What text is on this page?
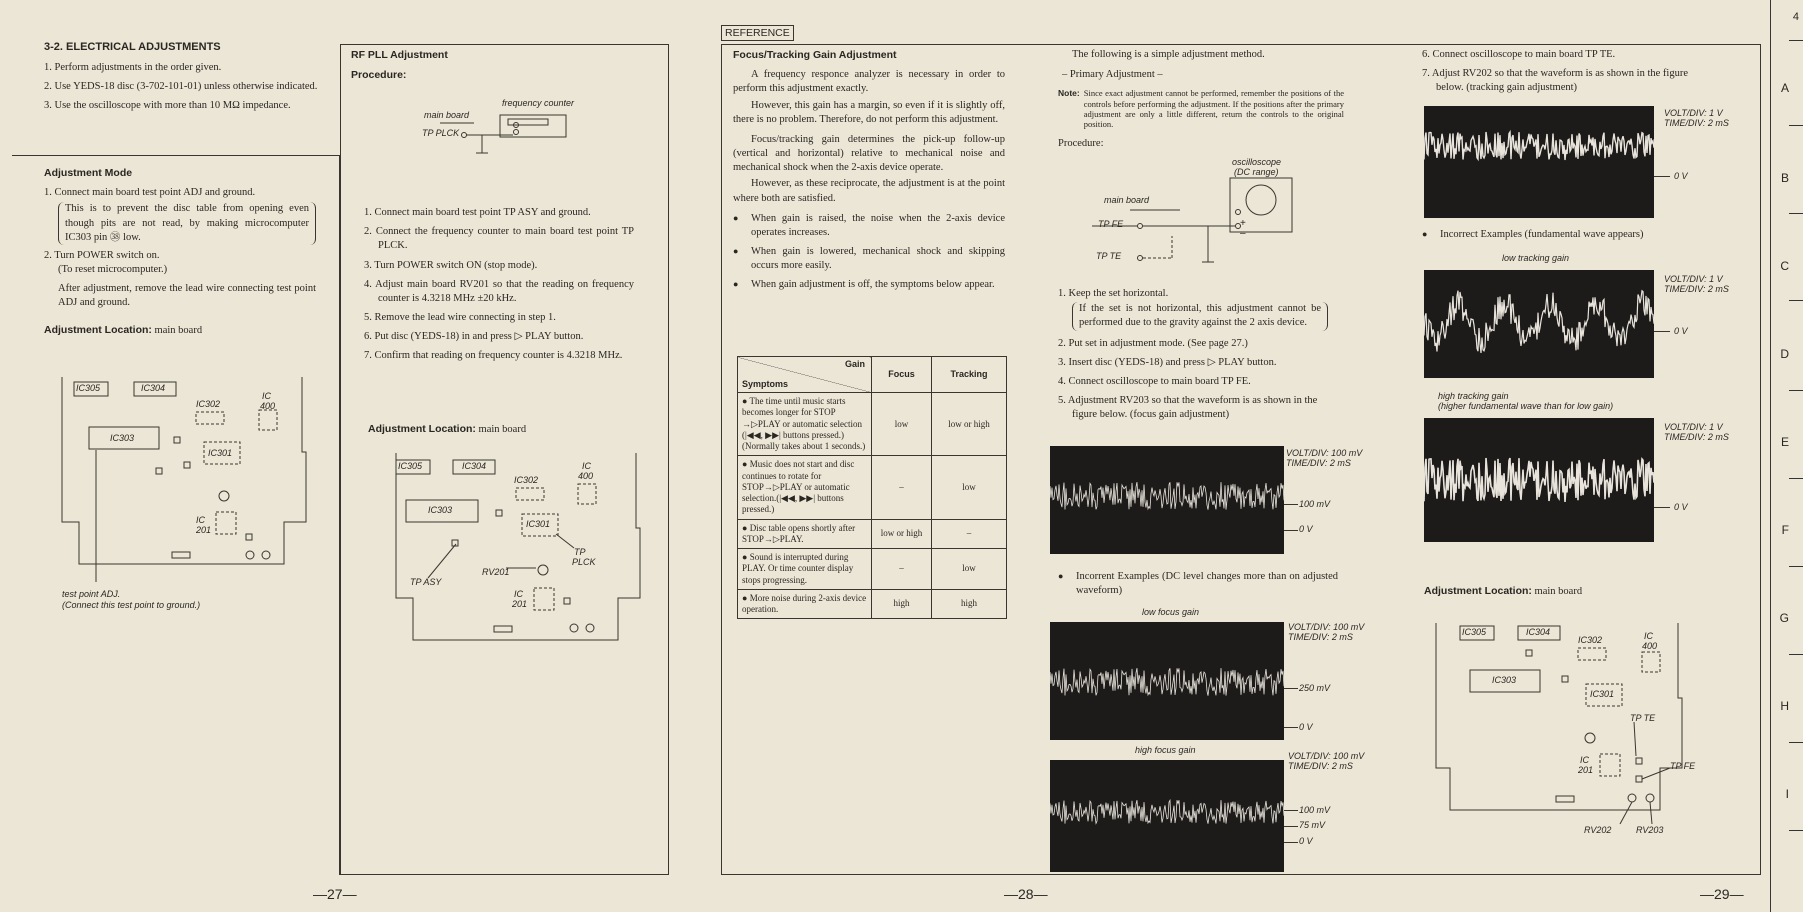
3-2. ELECTRICAL ADJUSTMENTS
1. Perform adjustments in the order given.
2. Use YEDS-18 disc (3-702-101-01) unless otherwise indicated.
3. Use the oscilloscope with more than 10 MΩ impedance.
Adjustment Mode
1. Connect main board test point ADJ and ground.
This is to prevent the disc table from opening even though pits are not read, by making microcomputer IC303 pin ㊳ low.
2. Turn POWER switch on.
(To reset microcomputer.)
After adjustment, remove the lead wire connecting test point ADJ and ground.
Adjustment Location: main board
IC305	IC304
IC302
IC
400
IC303
IC301
IC
201
test point ADJ.
(Connect this test point to ground.)
RF PLL Adjustment
Procedure:
frequency counter
main board
TP PLCK
1. Connect main board test point TP ASY and ground.
2. Connect the frequency counter to main board test point TP PLCK.
3. Turn POWER switch ON (stop mode).
4. Adjust main board RV201 so that the reading on frequency counter is 4.3218 MHz ±20 kHz.
5. Remove the lead wire connecting in step 1.
6. Put disc (YEDS-18) in and press ▷ PLAY button.
7. Confirm that reading on frequency counter is 4.3218 MHz.
Adjustment Location: main board
IC305	IC304
IC302
IC
400
IC303
IC301
IC
201
TP ASY
RV201
TP
PLCK
—27—
REFERENCE
Focus/Tracking Gain Adjustment

A frequency responce analyzer is necessary in order to perform this adjustment exactly.

However, this gain has a margin, so even if it is slightly off, there is no problem. Therefore, do not perform this adjustment.

Focus/tracking gain determines the pick-up follow-up (vertical and horizontal) relative to mechanical noise and mechanical shock when the 2-axis device operate.

However, as these reciprocate, the adjustment is at the point where both are satisfied.

● When gain is raised, the noise when the 2-axis device operates increases.
● When gain is lowered, mechanical shock and skipping occurs more easily.
● When gain adjustment is off, the symptoms below appear.
Gain
Symptoms	Focus	Tracking
● The time until music starts becomes longer for STOP →▷PLAY or automatic selection (|◀◀, ▶▶| buttons pressed.) (Normally takes about 1 seconds.)	low	low or high
● Music does not start and disc continues to rotate for STOP→▷PLAY or automatic selection.(|◀◀, ▶▶| buttons pressed.)	–	low
● Disc table opens shortly after STOP→▷PLAY.	low or high	–
● Sound is interrupted during PLAY. Or time counter display stops progressing.	–	low
● More noise during 2-axis device operation.	high	high
The following is a simple adjustment method.
– Primary Adjustment –
Note: Since exact adjustment cannot be performed, remember the positions of the controls before performing the adjustment. If the positions after the primary adjustment are only a little different, return the controls to the original position.
Procedure:
oscilloscope
(DC range)
main board
TP FE
TP TE
+
–
1. Keep the set horizontal.
If the set is not horizontal, this adjustment cannot be performed due to the gravity against the 2 axis device.
2. Put set in adjustment mode. (See page 27.)
3. Insert disc (YEDS-18) and press ▷ PLAY button.
4. Connect oscilloscope to main board TP FE.
5. Adjustment RV203 so that the waveform is as shown in the figure below. (focus gain adjustment)
VOLT/DIV: 100 mV
TIME/DIV: 2 mS
100 mV
0 V
● Incorrent Examples (DC level changes more than on adjusted waveform)
low focus gain
VOLT/DIV: 100 mV
TIME/DIV: 2 mS
250 mV
0 V
high focus gain
VOLT/DIV: 100 mV
TIME/DIV: 2 mS
100 mV
75 mV
0 V
—28—
6. Connect oscilloscope to main board TP TE.
7. Adjust RV202 so that the waveform is as shown in the figure below. (tracking gain adjustment)
VOLT/DIV: 1 V
TIME/DIV: 2 mS
0 V
● Incorrect Examples (fundamental wave appears)
low tracking gain
VOLT/DIV: 1 V
TIME/DIV: 2 mS
0 V
high tracking gain
(higher fundamental wave than for low gain)
VOLT/DIV: 1 V
TIME/DIV: 2 mS
0 V
Adjustment Location: main board
IC305	IC304
IC302	IC
400
IC303
IC301
IC
201
TP TE
TP FE
RV202	RV203
—29—
4
A
B
C
D
E
F
G
H
I
